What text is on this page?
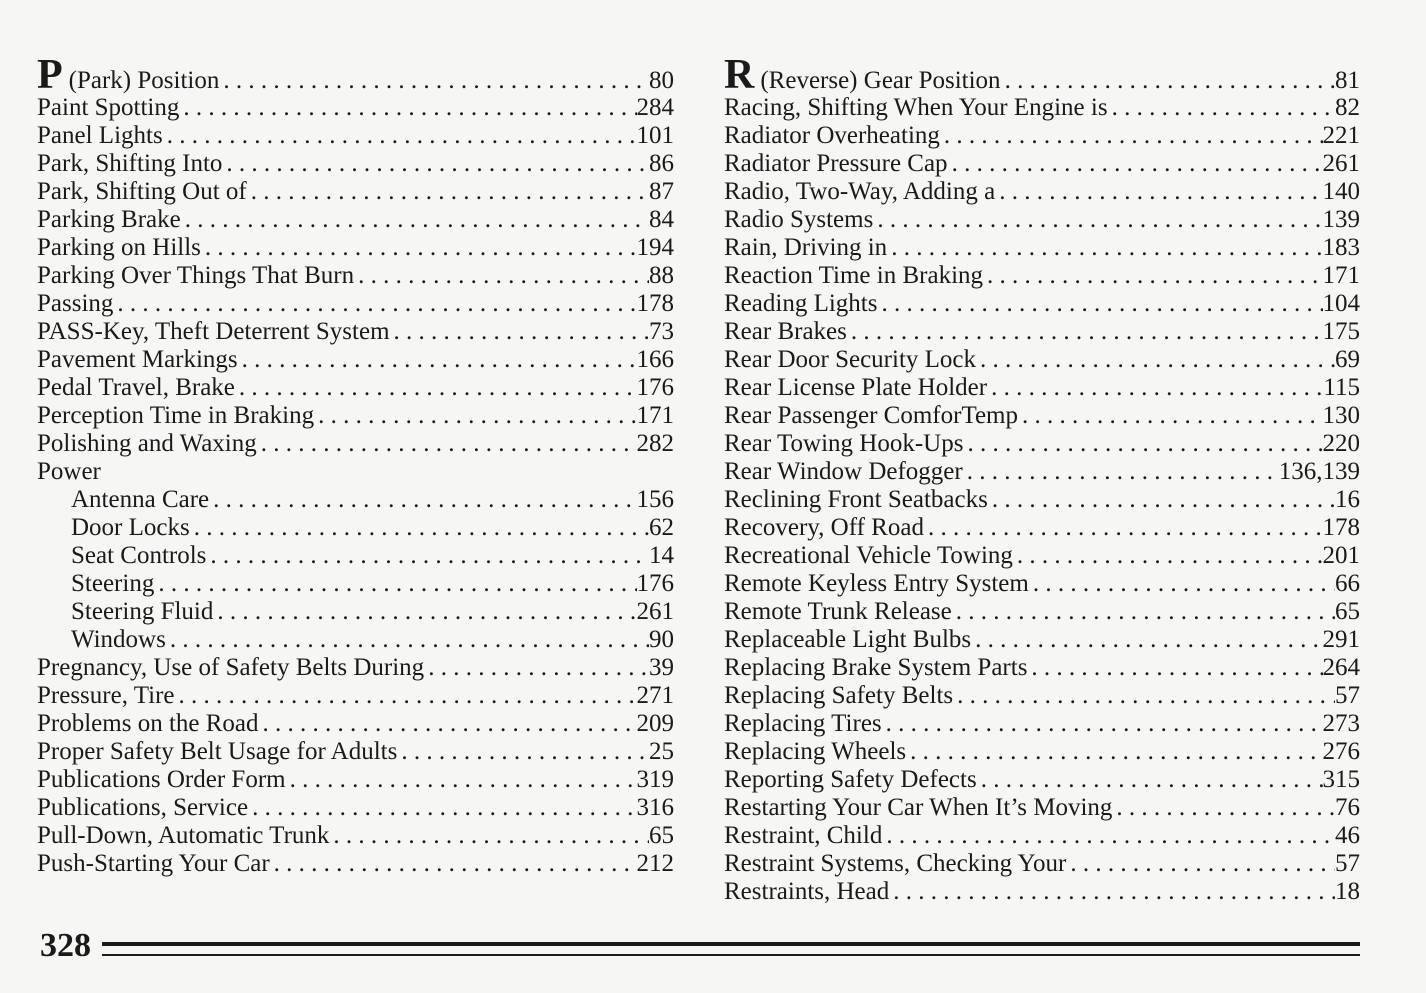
P (Park) Position . . .	80
Paint Spotting . . .	284
Panel Lights . . .	101
Park, Shifting Into . . .	86
Park, Shifting Out of . . .	87
Parking Brake . . .	84
Parking on Hills . . .	194
Parking Over Things That Burn . . .	88
Passing . . .	178
PASS-Key, Theft Deterrent System . . .	73
Pavement Markings . . .	166
Pedal Travel, Brake . . .	176
Perception Time in Braking . . .	171
Polishing and Waxing . . .	282
Power
Antenna Care . . .	156
Door Locks . . .	62
Seat Controls . . .	14
Steering . . .	176
Steering Fluid . . .	261
Windows . . .	90
Pregnancy, Use of Safety Belts During . . .	39
Pressure, Tire . . .	271
Problems on the Road . . .	209
Proper Safety Belt Usage for Adults . . .	25
Publications Order Form . . .	319
Publications, Service . . .	316
Pull-Down, Automatic Trunk . . .	65
Push-Starting Your Car . . .	212
R (Reverse) Gear Position . . .	81
Racing, Shifting When Your Engine is . . .	82
Radiator Overheating . . .	221
Radiator Pressure Cap . . .	261
Radio, Two-Way, Adding a . . .	140
Radio Systems . . .	139
Rain, Driving in . . .	183
Reaction Time in Braking . . .	171
Reading Lights . . .	104
Rear Brakes . . .	175
Rear Door Security Lock . . .	69
Rear License Plate Holder . . .	115
Rear Passenger ComforTemp . . .	130
Rear Towing Hook-Ups . . .	220
Rear Window Defogger . . .	136,139
Reclining Front Seatbacks . . .	16
Recovery, Off Road . . .	178
Recreational Vehicle Towing . . .	201
Remote Keyless Entry System . . .	66
Remote Trunk Release . . .	65
Replaceable Light Bulbs . . .	291
Replacing Brake System Parts . . .	264
Replacing Safety Belts . . .	57
Replacing Tires . . .	273
Replacing Wheels . . .	276
Reporting Safety Defects . . .	315
Restarting Your Car When It’s Moving . . .	76
Restraint, Child . . .	46
Restraint Systems, Checking Your . . .	57
Restraints, Head . . .	18
328
